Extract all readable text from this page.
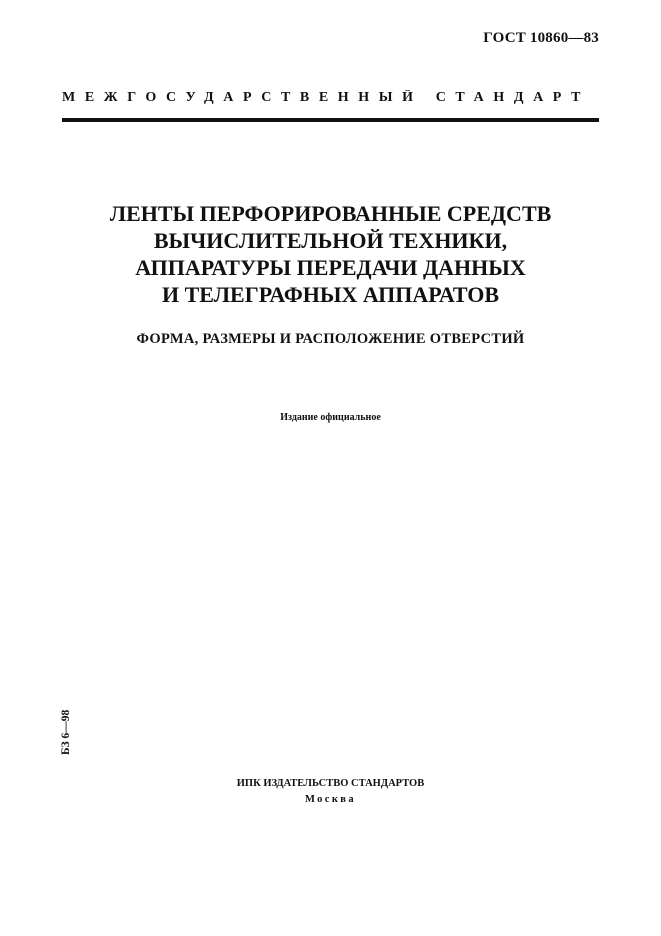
ГОСТ 10860—83
МЕЖГОСУДАРСТВЕННЫЙ СТАНДАРТ
ЛЕНТЫ ПЕРФОРИРОВАННЫЕ СРЕДСТВ
ВЫЧИСЛИТЕЛЬНОЙ ТЕХНИКИ,
АППАРАТУРЫ ПЕРЕДАЧИ ДАННЫХ
И ТЕЛЕГРАФНЫХ АППАРАТОВ
ФОРМА, РАЗМЕРЫ И РАСПОЛОЖЕНИЕ ОТВЕРСТИЙ
Издание официальное
БЗ 6—98
ИПК ИЗДАТЕЛЬСТВО СТАНДАРТОВ
Москва
